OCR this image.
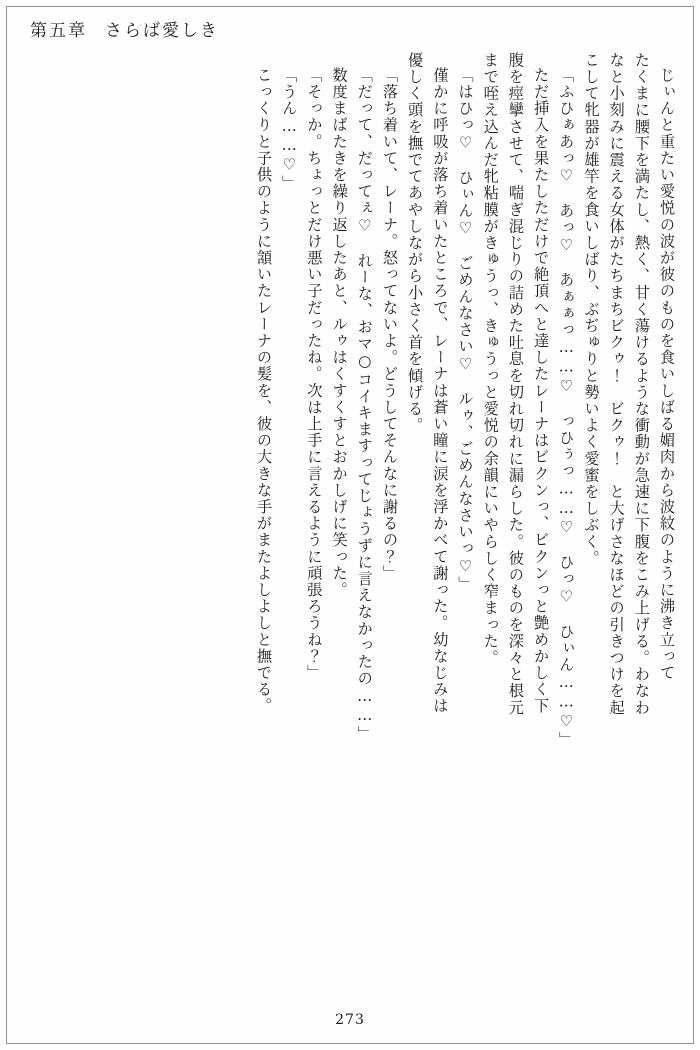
第五章 さらば愛しき
じぃんと重たい愛悦の波が彼のものを食いしばる媚肉から波紋のように沸き立って
たくまに腰下を満たし、熱く、甘く蕩けるような衝動が急速に下腹をこみ上げる。わなわ
なと小刻みに震える女体がたちまちビクゥ！　ビクゥ！　と大げさなほどの引きつけを起
こして牝器が雄竿を食いしばり、ぶぢゅりと勢いよく愛蜜をしぶく。
「ふひぁあっ♡　あっ♡　あぁぁっ……♡　っひぅっ……♡　ひっ♡　ひぃん……♡」
ただ挿入を果たしただけで絶頂へと達したレーナはビクンっ、ビクンっと艶めかしく下
腹を痙攣させて、喘ぎ混じりの詰めた吐息を切れ切れに漏らした。彼のものを深々と根元
まで咥え込んだ牝粘膜がきゅうっ、きゅうっと愛悦の余韻にいやらしく窄まった。
「はひっ♡　ひぃん♡　ごめんなさい♡　ルゥ、ごめんなさいっ♡」
僅かに呼吸が落ち着いたところで、レーナは蒼い瞳に涙を浮かべて謝った。幼なじみは
優しく頭を撫でてあやしながら小さく首を傾げる。
「落ち着いて、レーナ。怒ってないよ。どうしてそんなに謝るの？」
「だって、だってぇ♡　れーな、おマ○コイキますってじょうずに言えなかったの……」
数度まばたきを繰り返したあと、ルゥはくすくすとおかしげに笑った。
「そっか。ちょっとだけ悪い子だったね。次は上手に言えるように頑張ろうね？」
「うん……♡」
こっくりと子供のように頷いたレーナの髪を、彼の大きな手がまたよしよしと撫でる。
273
